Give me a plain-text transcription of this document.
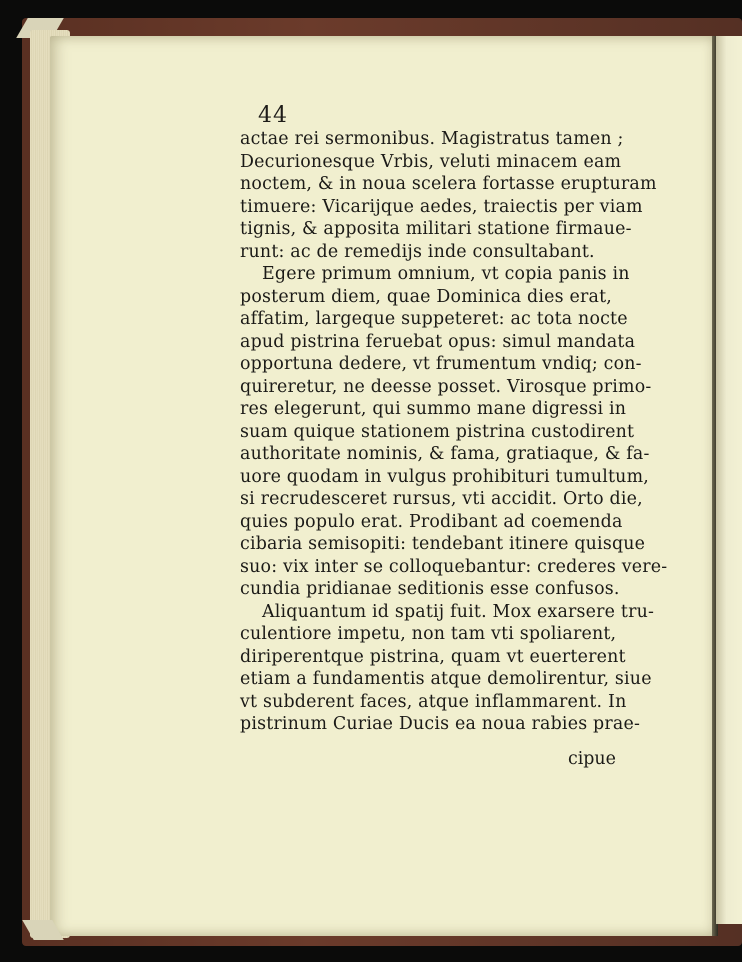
44
actae rei sermonibus. Magistratus tamen ;
Decurionesque Vrbis, veluti minacem eam
noctem, & in noua scelera fortasse erupturam
timuere: Vicarijque aedes, traiectis per viam
tignis, & apposita militari statione firmaue-
runt: ac de remedijs inde consultabant.
Egere primum omnium, vt copia panis in
posterum diem, quae Dominica dies erat,
affatim, largeque suppeteret: ac tota nocte
apud pistrina feruebat opus: simul mandata
opportuna dedere, vt frumentum vndiq; con-
quireretur, ne deesse posset. Virosque primo-
res elegerunt, qui summo mane digressi in
suam quique stationem pistrina custodirent
authoritate nominis, & fama, gratiaque, & fa-
uore quodam in vulgus prohibituri tumultum,
si recrudesceret rursus, vti accidit. Orto die,
quies populo erat. Prodibant ad coemenda
cibaria semisopiti: tendebant itinere quisque
suo: vix inter se colloquebantur: crederes vere-
cundia pridianae seditionis esse confusos.
Aliquantum id spatij fuit. Mox exarsere tru-
culentiore impetu, non tam vti spoliarent,
diriperentque pistrina, quam vt euerterent
etiam a fundamentis atque demolirentur, siue
vt subderent faces, atque inflammarent. In
pistrinum Curiae Ducis ea noua rabies prae-
cipue
